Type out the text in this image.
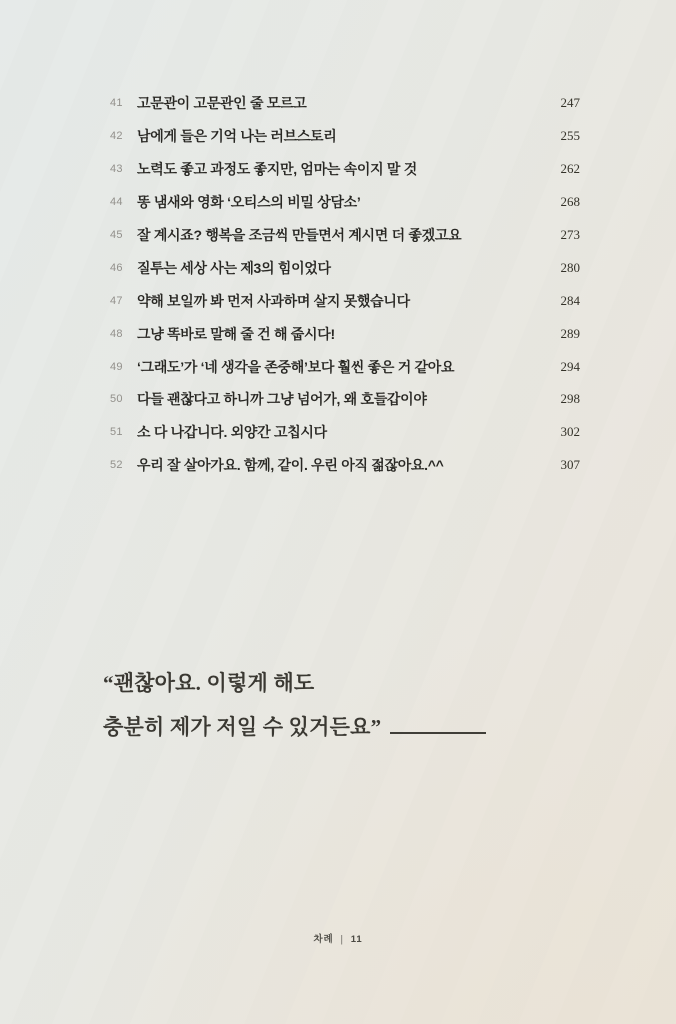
41	고문관이 고문관인 줄 모르고	247
42	남에게 들은 기억 나는 러브스토리	255
43	노력도 좋고 과정도 좋지만, 엄마는 속이지 말 것	262
44	똥 냄새와 영화 ‘오티스의 비밀 상담소’	268
45	잘 계시죠? 행복을 조금씩 만들면서 계시면 더 좋겠고요	273
46	질투는 세상 사는 제3의 힘이었다	280
47	약해 보일까 봐 먼저 사과하며 살지 못했습니다	284
48	그냥 똑바로 말해 줄 건 해 줍시다!	289
49	‘그래도’가 ‘네 생각을 존중해’보다 훨씬 좋은 거 같아요	294
50	다들 괜찮다고 하니까 그냥 넘어가, 왜 호들갑이야	298
51	소 다 나갑니다. 외양간 고칩시다	302
52	우리 잘 살아가요. 함께, 같이. 우린 아직 젊잖아요.^^	307
“괜찮아요. 이렇게 해도
충분히 제가 저일 수 있거든요”
차례 | 11
